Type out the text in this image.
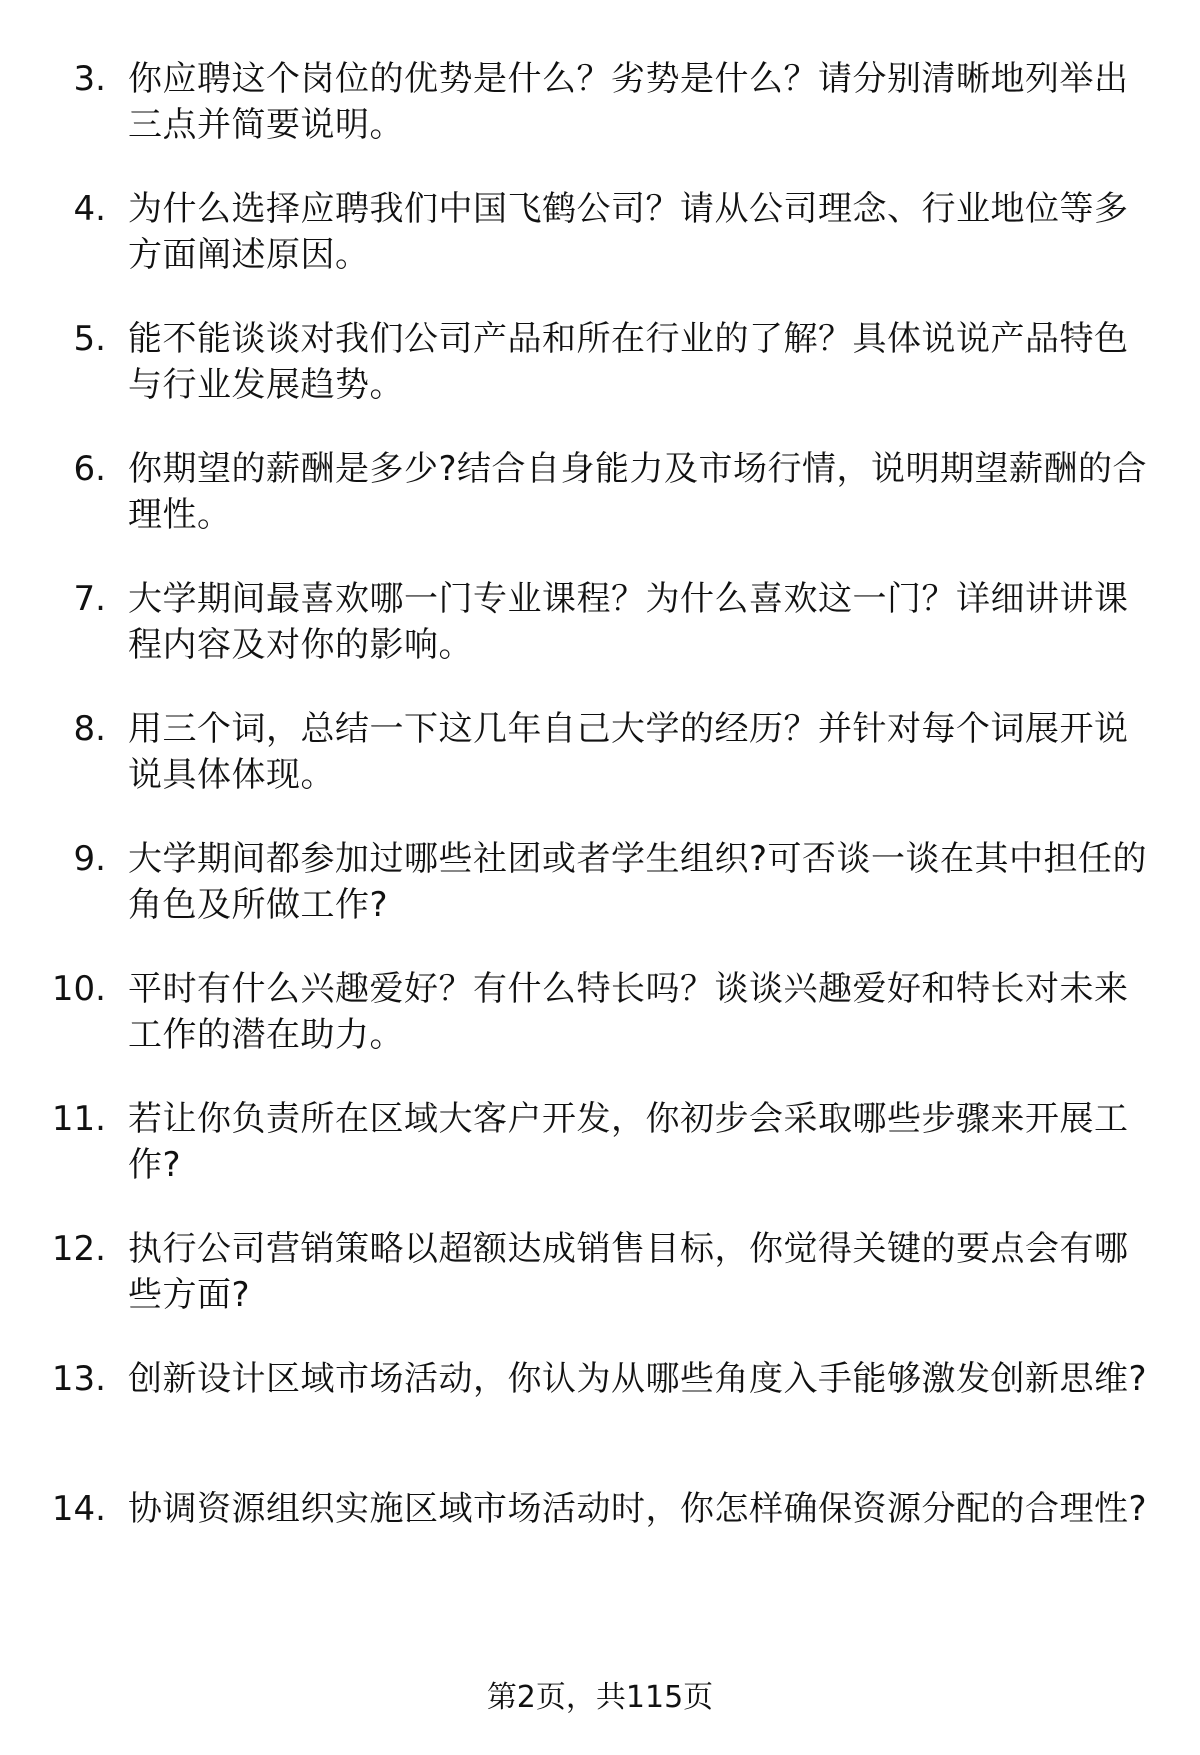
3. 你应聘这个岗位的优势是什么？劣势是什么？请分别清晰地列举出三点并简要说明。
4. 为什么选择应聘我们中国飞鹤公司？请从公司理念、行业地位等多方面阐述原因。
5. 能不能谈谈对我们公司产品和所在行业的了解？具体说说产品特色与行业发展趋势。
6. 你期望的薪酬是多少?结合自身能力及市场行情，说明期望薪酬的合理性。
7. 大学期间最喜欢哪一门专业课程？为什么喜欢这一门？详细讲讲课程内容及对你的影响。
8. 用三个词，总结一下这几年自己大学的经历？并针对每个词展开说说具体体现。
9. 大学期间都参加过哪些社团或者学生组织?可否谈一谈在其中担任的角色及所做工作?
10. 平时有什么兴趣爱好？有什么特长吗？谈谈兴趣爱好和特长对未来工作的潜在助力。
11. 若让你负责所在区域大客户开发，你初步会采取哪些步骤来开展工作?
12. 执行公司营销策略以超额达成销售目标，你觉得关键的要点会有哪些方面?
13. 创新设计区域市场活动，你认为从哪些角度入手能够激发创新思维?
14. 协调资源组织实施区域市场活动时，你怎样确保资源分配的合理性?
第2页，共115页
